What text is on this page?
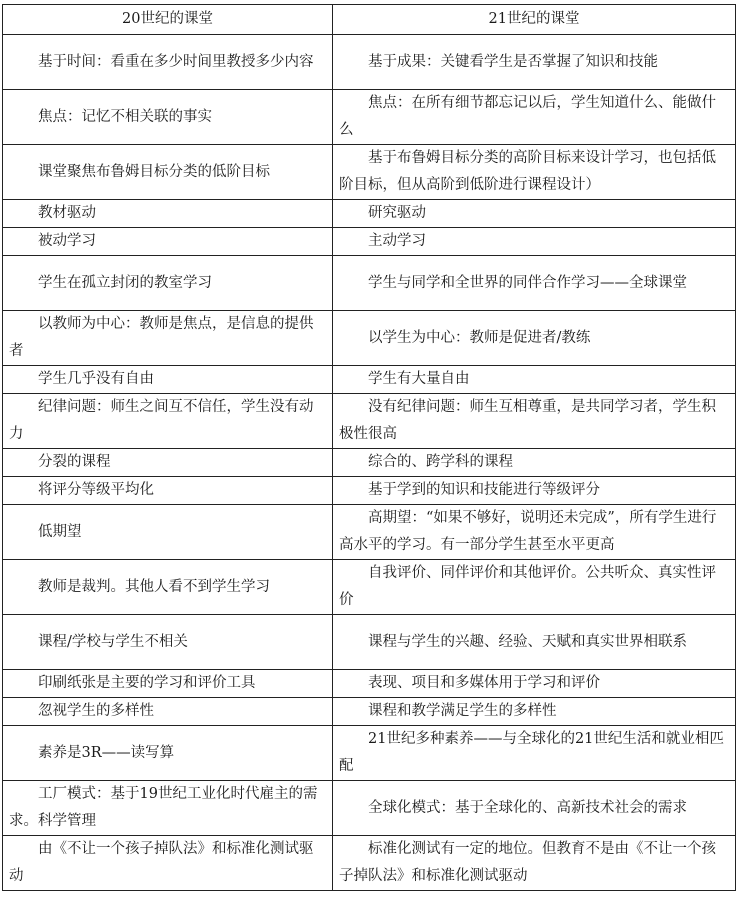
20世纪的课堂	21世纪的课堂
基于时间：看重在多少时间里教授多少内容	基于成果：关键看学生是否掌握了知识和技能
焦点：记忆不相关联的事实	焦点：在所有细节都忘记以后，学生知道什么、能做什么
课堂聚焦布鲁姆目标分类的低阶目标	基于布鲁姆目标分类的高阶目标来设计学习，也包括低阶目标，但从高阶到低阶进行课程设计）
教材驱动	研究驱动
被动学习	主动学习
学生在孤立封闭的教室学习	学生与同学和全世界的同伴合作学习——全球课堂
以教师为中心：教师是焦点，是信息的提供者	以学生为中心：教师是促进者/教练
学生几乎没有自由	学生有大量自由
纪律问题：师生之间互不信任，学生没有动力	没有纪律问题：师生互相尊重，是共同学习者，学生积极性很高
分裂的课程	综合的、跨学科的课程
将评分等级平均化	基于学到的知识和技能进行等级评分
低期望	高期望：“如果不够好，说明还未完成”，所有学生进行高水平的学习。有一部分学生甚至水平更高
教师是裁判。其他人看不到学生学习	自我评价、同伴评价和其他评价。公共听众、真实性评价
课程/学校与学生不相关	课程与学生的兴趣、经验、天赋和真实世界相联系
印刷纸张是主要的学习和评价工具	表现、项目和多媒体用于学习和评价
忽视学生的多样性	课程和教学满足学生的多样性
素养是3R——读写算	21世纪多种素养——与全球化的21世纪生活和就业相匹配
工厂模式：基于19世纪工业化时代雇主的需求。科学管理	全球化模式：基于全球化的、高新技术社会的需求
由《不让一个孩子掉队法》和标准化测试驱动	标准化测试有一定的地位。但教育不是由《不让一个孩子掉队法》和标准化测试驱动
